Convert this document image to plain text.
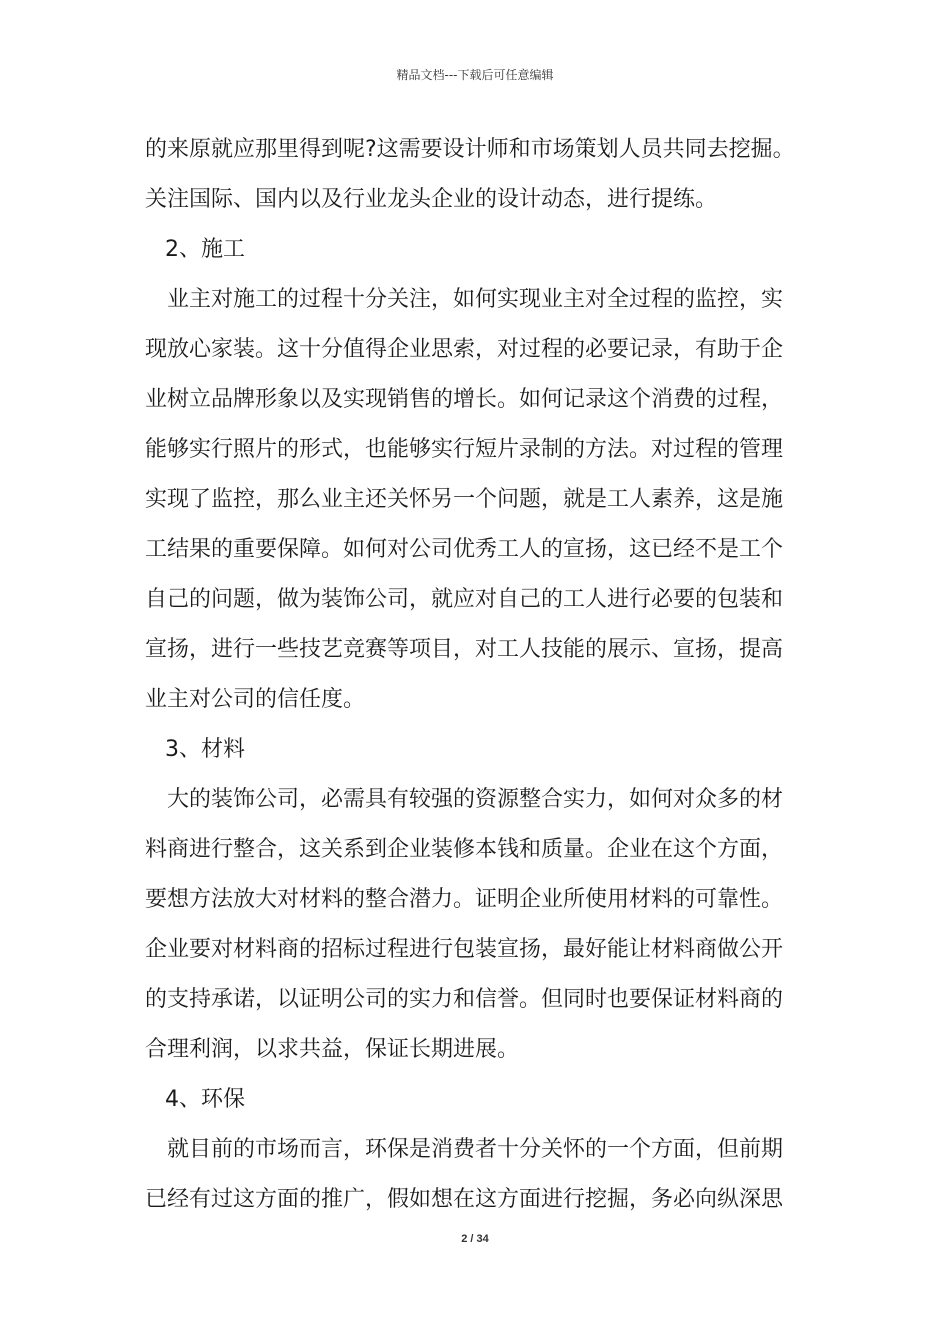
精品文档---下载后可任意编辑
的来原就应那里得到呢?这需要设计师和市场策划人员共同去挖掘。
关注国际、国内以及行业龙头企业的设计动态，进行提练。
2、施工
业主对施工的过程十分关注，如何实现业主对全过程的监控，实
现放心家装。这十分值得企业思索，对过程的必要记录，有助于企
业树立品牌形象以及实现销售的增长。如何记录这个消费的过程，
能够实行照片的形式，也能够实行短片录制的方法。对过程的管理
实现了监控，那么业主还关怀另一个问题，就是工人素养，这是施
工结果的重要保障。如何对公司优秀工人的宣扬，这已经不是工个
自己的问题，做为装饰公司，就应对自己的工人进行必要的包装和
宣扬，进行一些技艺竞赛等项目，对工人技能的展示、宣扬，提高
业主对公司的信任度。
3、材料
大的装饰公司，必需具有较强的资源整合实力，如何对众多的材
料商进行整合，这关系到企业装修本钱和质量。企业在这个方面，
要想方法放大对材料的整合潜力。证明企业所使用材料的可靠性。
企业要对材料商的招标过程进行包装宣扬，最好能让材料商做公开
的支持承诺，以证明公司的实力和信誉。但同时也要保证材料商的
合理利润，以求共益，保证长期进展。
4、环保
就目前的市场而言，环保是消费者十分关怀的一个方面，但前期
已经有过这方面的推广，假如想在这方面进行挖掘，务必向纵深思
2 / 34
